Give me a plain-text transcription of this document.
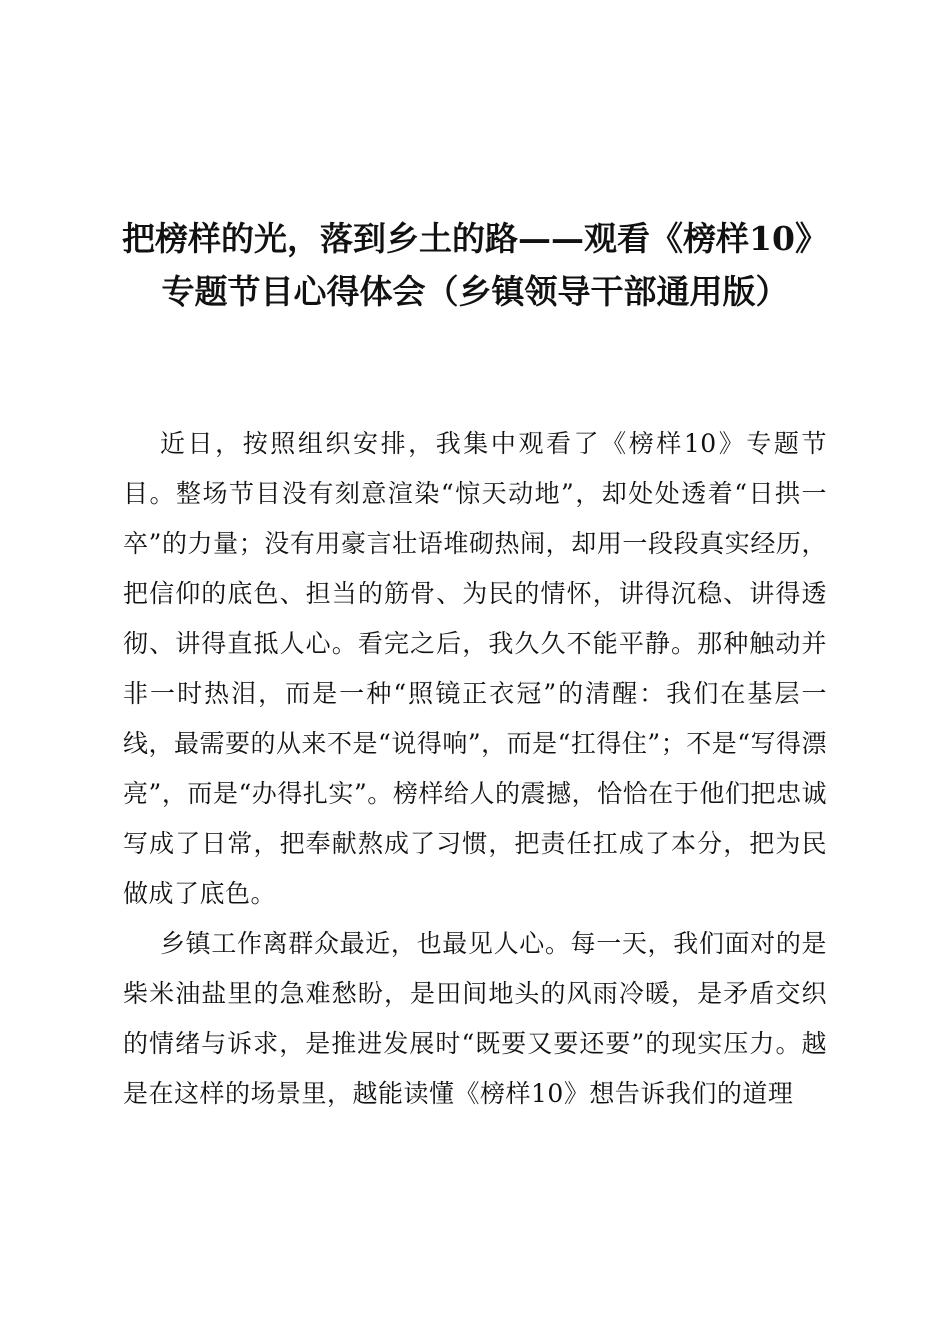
把榜样的光，落到乡土的路——观看《榜样10》专题节目心得体会（乡镇领导干部通用版）

近日，按照组织安排，我集中观看了《榜样10》专题节目。整场节目没有刻意渲染“惊天动地”，却处处透着“日拱一卒”的力量；没有用豪言壮语堆砌热闹，却用一段段真实经历，把信仰的底色、担当的筋骨、为民的情怀，讲得沉稳、讲得透彻、讲得直抵人心。看完之后，我久久不能平静。那种触动并非一时热泪，而是一种“照镜正衣冠”的清醒：我们在基层一线，最需要的从来不是“说得响”，而是“扛得住”；不是“写得漂亮”，而是“办得扎实”。榜样给人的震撼，恰恰在于他们把忠诚写成了日常，把奉献熬成了习惯，把责任扛成了本分，把为民做成了底色。

乡镇工作离群众最近，也最见人心。每一天，我们面对的是柴米油盐里的急难愁盼，是田间地头的风雨冷暖，是矛盾交织的情绪与诉求，是推进发展时“既要又要还要”的现实压力。越是在这样的场景里，越能读懂《榜样10》想告诉我们的道理
